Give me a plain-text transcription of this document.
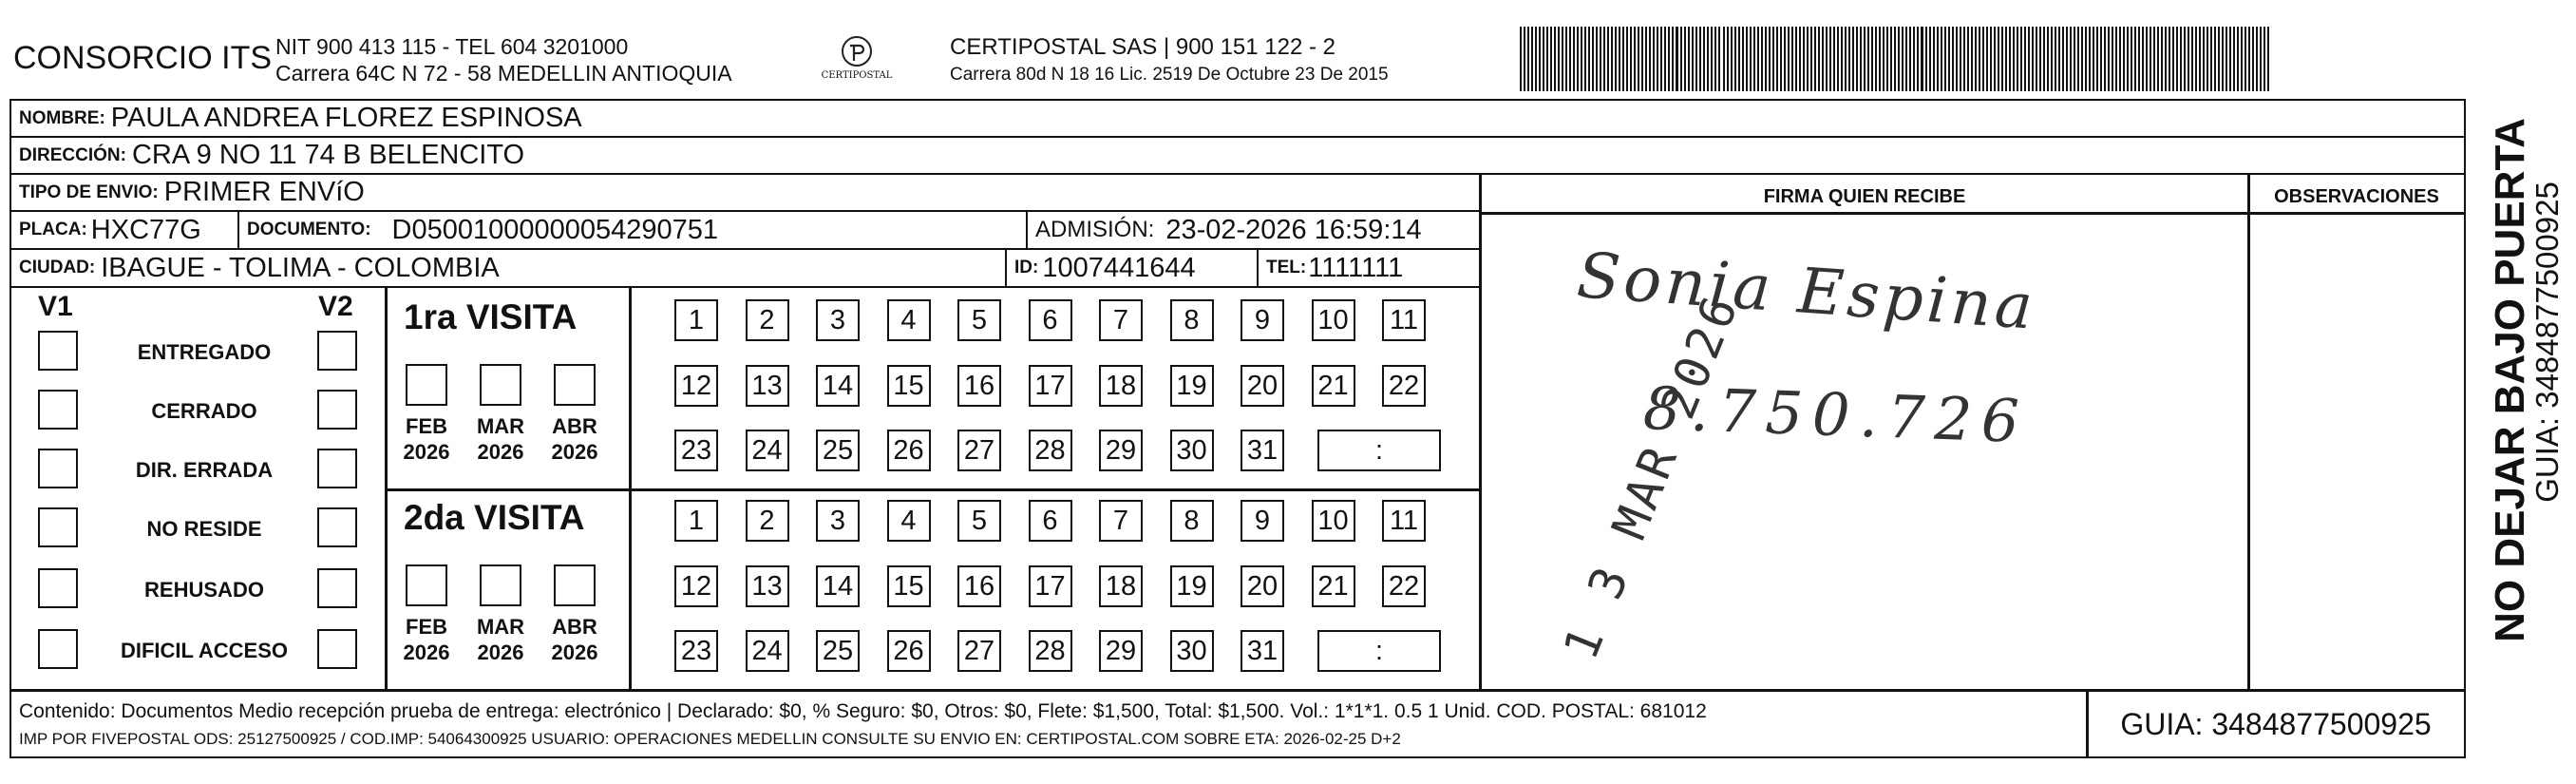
CONSORCIO ITS NIT 900 413 115 - TEL 604 3201000
Carrera 64C N 72 - 58 MEDELLIN ANTIOQUIA	CERTIPOSTAL
CERTIPOSTAL SAS | 900 151 122 - 2
Carrera 80d N 18 16 Lic. 2519 De Octubre 23 De 2015
NOMBRE: PAULA ANDREA FLOREZ ESPINOSA
DIRECCIÓN: CRA 9 NO 11 74 B BELENCITO
TIPO DE ENVIO: PRIMER ENVíO
PLACA: HXC77G	DOCUMENTO: D05001000000054290751	ADMISIÓN: 23-02-2026 16:59:14
CIUDAD: IBAGUE - TOLIMA - COLOMBIA	ID: 1007441644	TEL: 1111111
FIRMA QUIEN RECIBE	OBSERVACIONES
V1	V2
ENTREGADO
CERRADO
DIR. ERRADA
NO RESIDE
REHUSADO
DIFICIL ACCESO
1ra VISITA
FEB
2026
MAR
2026
ABR
2026
1	2	3	4	5	6	7	8	9	10 11
12 13 14 15 16 17 18 19 20 21 22
23 24 25 26 27 28 29 30 31	:
2da VISITA
FEB
2026
MAR
2026
ABR
2026
1	2	3	4	5	6	7	8	9	10 11
12 13 14 15 16 17 18 19 20 21 22
23 24 25 26 27 28 29 30 31	:
Sonia Espina
8.750.726
1 3 MAR 2026
Contenido: Documentos Medio recepción prueba de entrega: electrónico | Declarado: $0, % Seguro: $0, Otros: $0, Flete: $1,500, Total: $1,500. Vol.: 1*1*1. 0.5 1 Unid. COD. POSTAL: 681012
IMP POR FIVEPOSTAL ODS: 25127500925 / COD.IMP: 54064300925 USUARIO: OPERACIONES MEDELLIN CONSULTE SU ENVIO EN: CERTIPOSTAL.COM SOBRE ETA: 2026-02-25 D+2	GUIA: 3484877500925
NO DEJAR BAJO PUERTA
GUIA: 3484877500925
